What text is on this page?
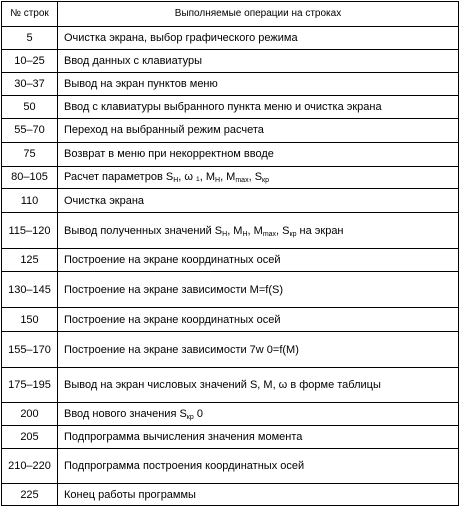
№ строк	Выполняемые операции на строках
5	Очистка экрана, выбор графического режима
10–25	Ввод данных с клавиатуры
30–37	Вывод на экран пунктов меню
50	Ввод с клавиатуры выбранного пункта меню и очистка экрана
55–70	Переход на выбранный режим расчета
75	Возврат в меню при некорректном вводе
80–105	Расчет параметров $S_H$, ω ₁, $M_H$, $M_{max}$, $S_{кр}$
110	Очистка экрана
115–120	Вывод полученных значений $S_H$, $M_H$, $M_{max}$, $S_{кр}$ на экран
125	Построение на экране координатных осей
130–145	Построение на экране зависимости M=f(S)
150	Построение на экране координатных осей
155–170	Построение на экране зависимости 7w 0=f(M)
175–195	Вывод на экран числовых значений S, M, ω в форме таблицы
200	Ввод нового значения $S_{кр}$ 0
205	Подпрограмма вычисления значения момента
210–220	Подпрограмма построения координатных осей
225	Конец работы программы
